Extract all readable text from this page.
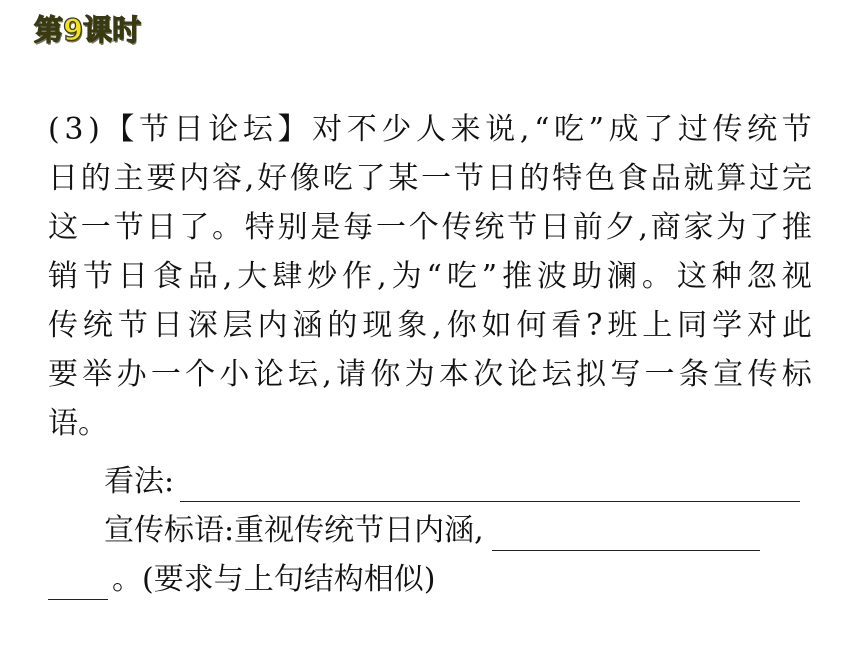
第9课时
( 3 ) 【 节 日 论 坛 】 对 不 少 人 来 说 , “ 吃 ” 成 了 过 传 统 节
日 的 主 要 内 容 , 好 像 吃 了 某 一 节 日 的 特 色 食 品 就 算 过 完
这 一 节 日 了 。 特 别 是 每 一 个 传 统 节 日 前 夕 , 商 家 为 了 推
销 节 日 食 品 , 大 肆 炒 作 , 为 “ 吃 ” 推 波 助 澜 。 这 种 忽 视
传 统 节 日 深 层 内 涵 的 现 象 , 你 如 何 看 ? 班 上 同 学 对 此
要 举 办 一 个 小 论 坛 , 请 你 为 本 次 论 坛 拟 写 一 条 宣 传 标
语。
看法:
宣传标语:重视传统节日内涵,
。(要求与上句结构相似)
